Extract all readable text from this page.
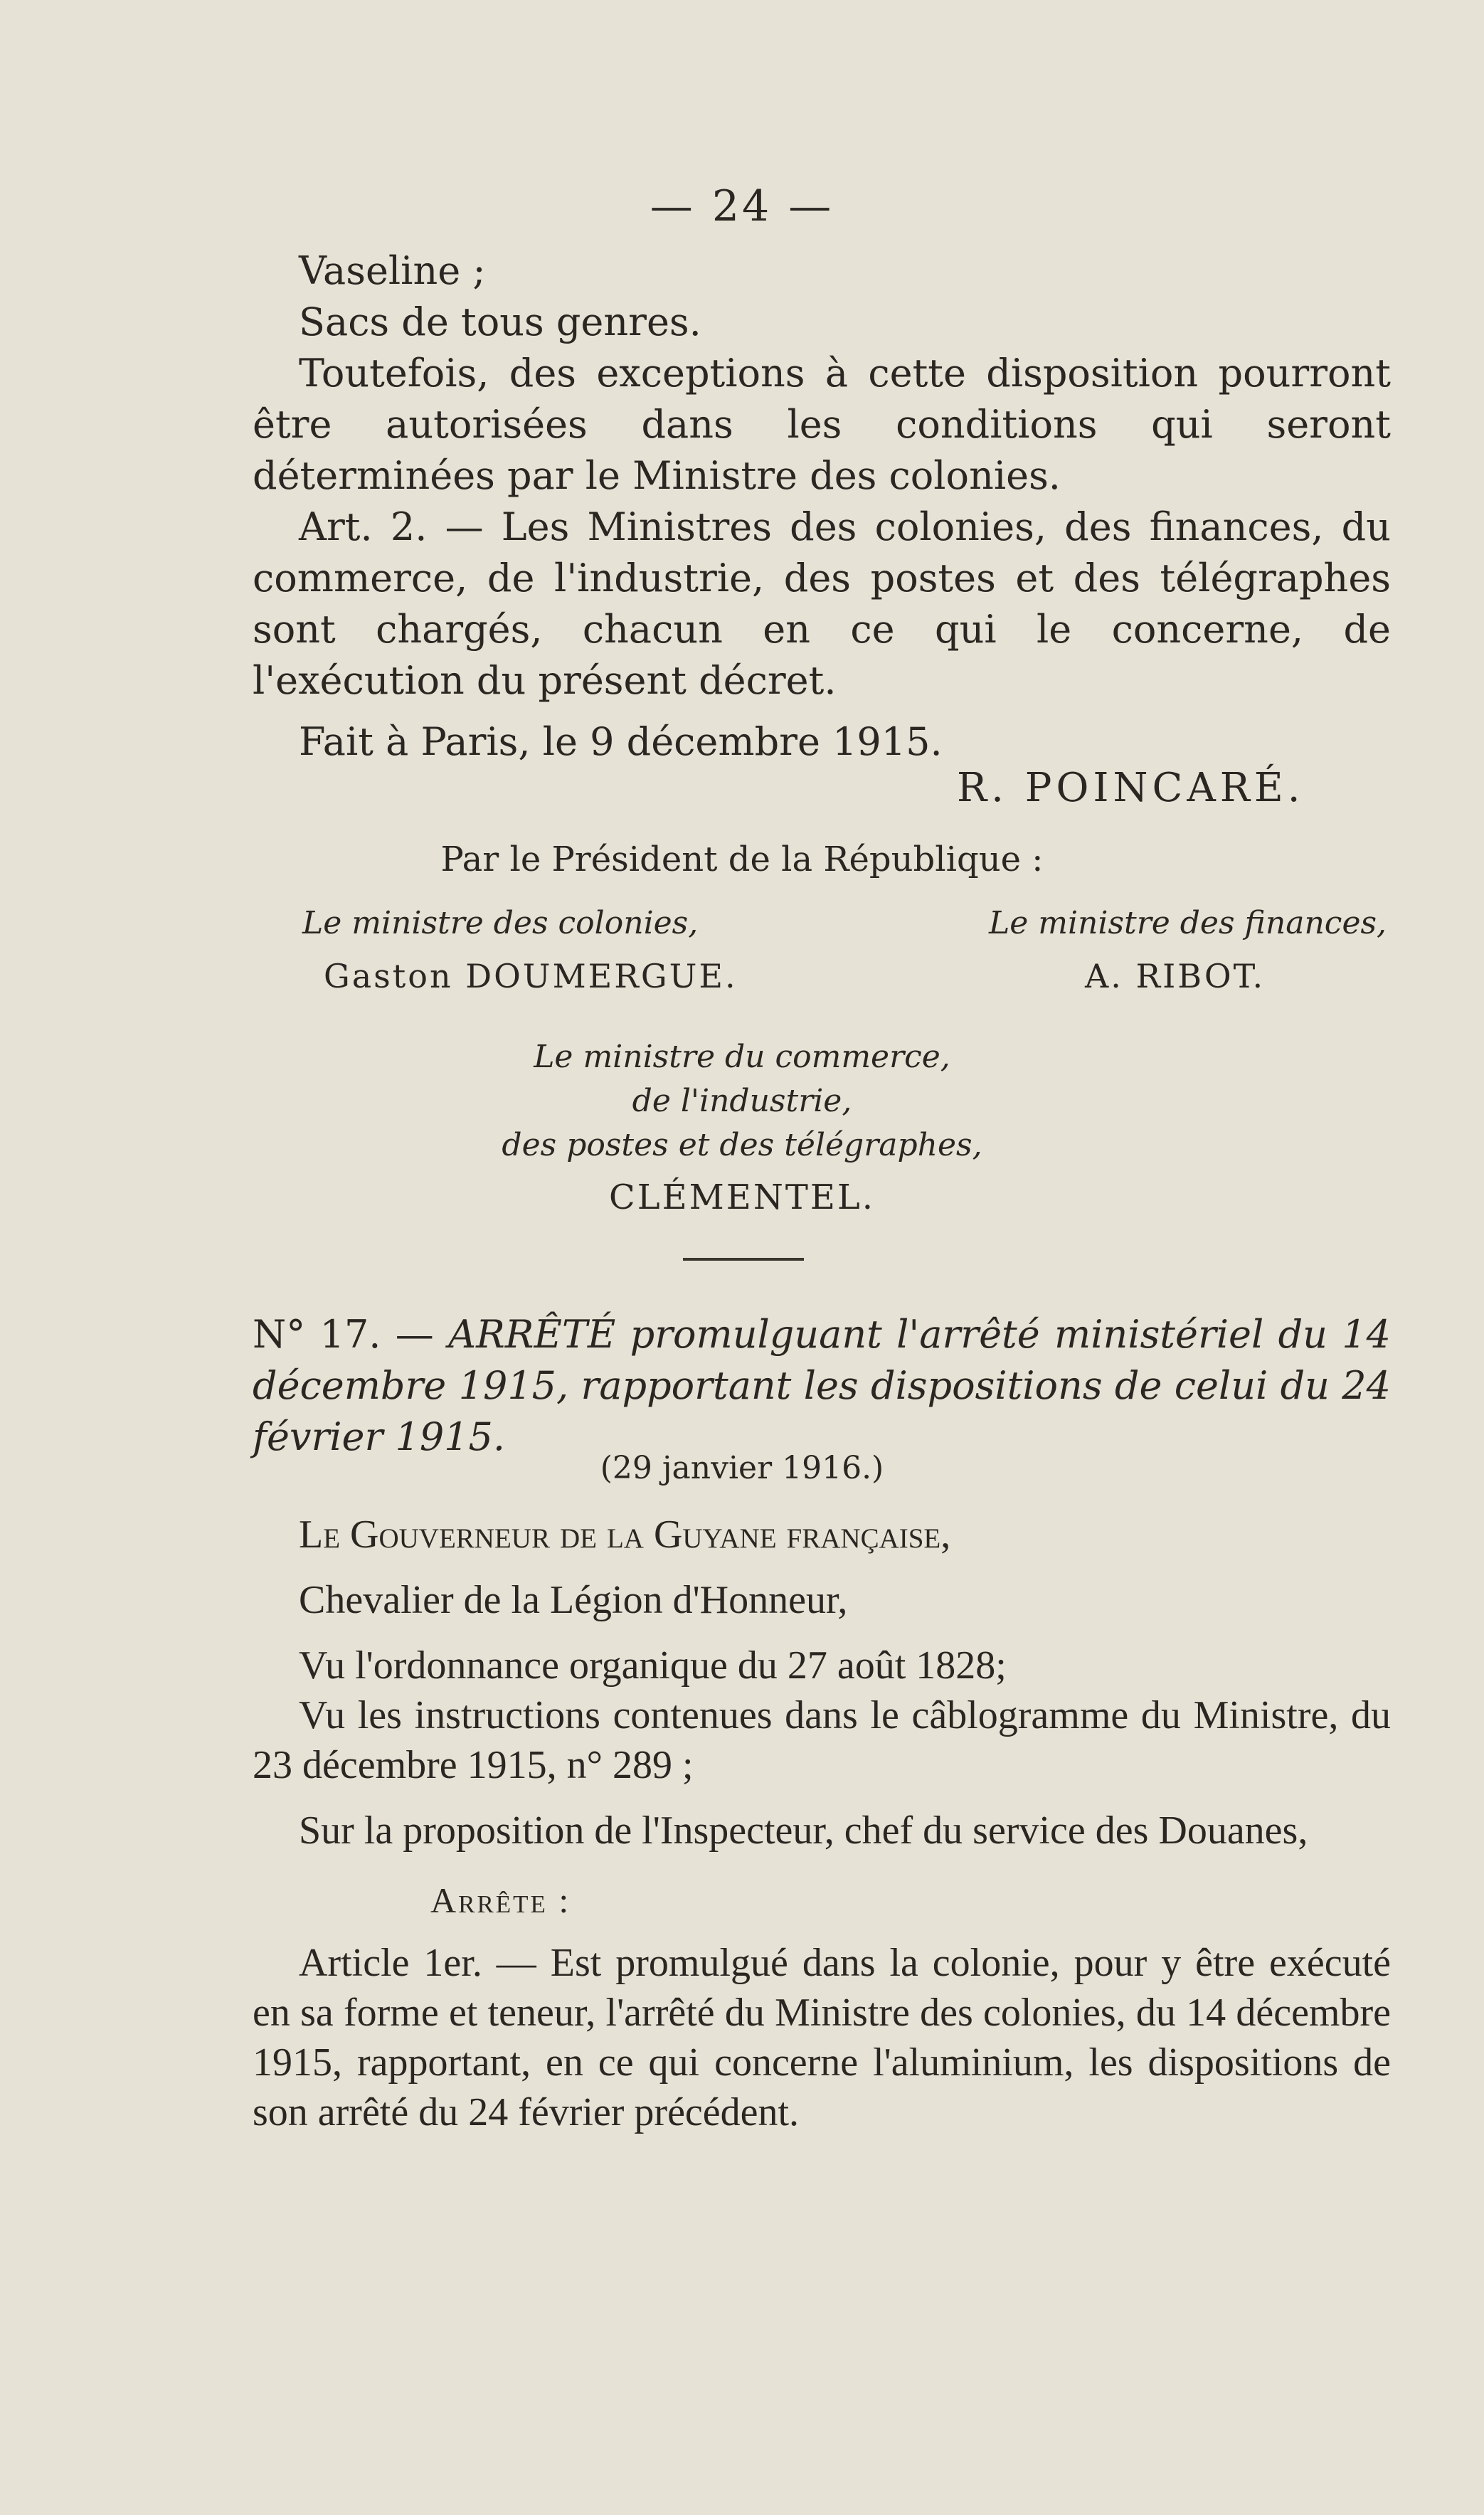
— 24 —

Vaseline ;

Sacs de tous genres.

Toutefois, des exceptions à cette disposition pourront être autorisées dans les conditions qui seront déterminées par le Ministre des colonies.

Art. 2. — Les Ministres des colonies, des finances, du commerce, de l'industrie, des postes et des télégraphes sont chargés, chacun en ce qui le concerne, de l'exécution du présent décret.

Fait à Paris, le 9 décembre 1915.

R. POINCARÉ.
Par le Président de la République :
Le ministre des colonies,
Gaston DOUMERGUE.
Le ministre des finances,
A. RIBOT.
Le ministre du commerce,
de l'industrie,
des postes et des télégraphes,
CLÉMENTEL.
N° 17. — ARRÊTÉ promulguant l'arrêté ministériel du 14 décembre 1915, rapportant les dispositions de celui du 24 février 1915.
(29 janvier 1916.)

Le Gouverneur de la Guyane française,

Chevalier de la Légion d'Honneur,

Vu l'ordonnance organique du 27 août 1828;

Vu les instructions contenues dans le câblogramme du Ministre, du 23 décembre 1915, n° 289 ;

Sur la proposition de l'Inspecteur, chef du service des Douanes,

Arrête :

Article 1er. — Est promulgué dans la colonie, pour y être exécuté en sa forme et teneur, l'arrêté du Ministre des colonies, du 14 décembre 1915, rapportant, en ce qui concerne l'aluminium, les dispositions de son arrêté du 24 février précédent.
